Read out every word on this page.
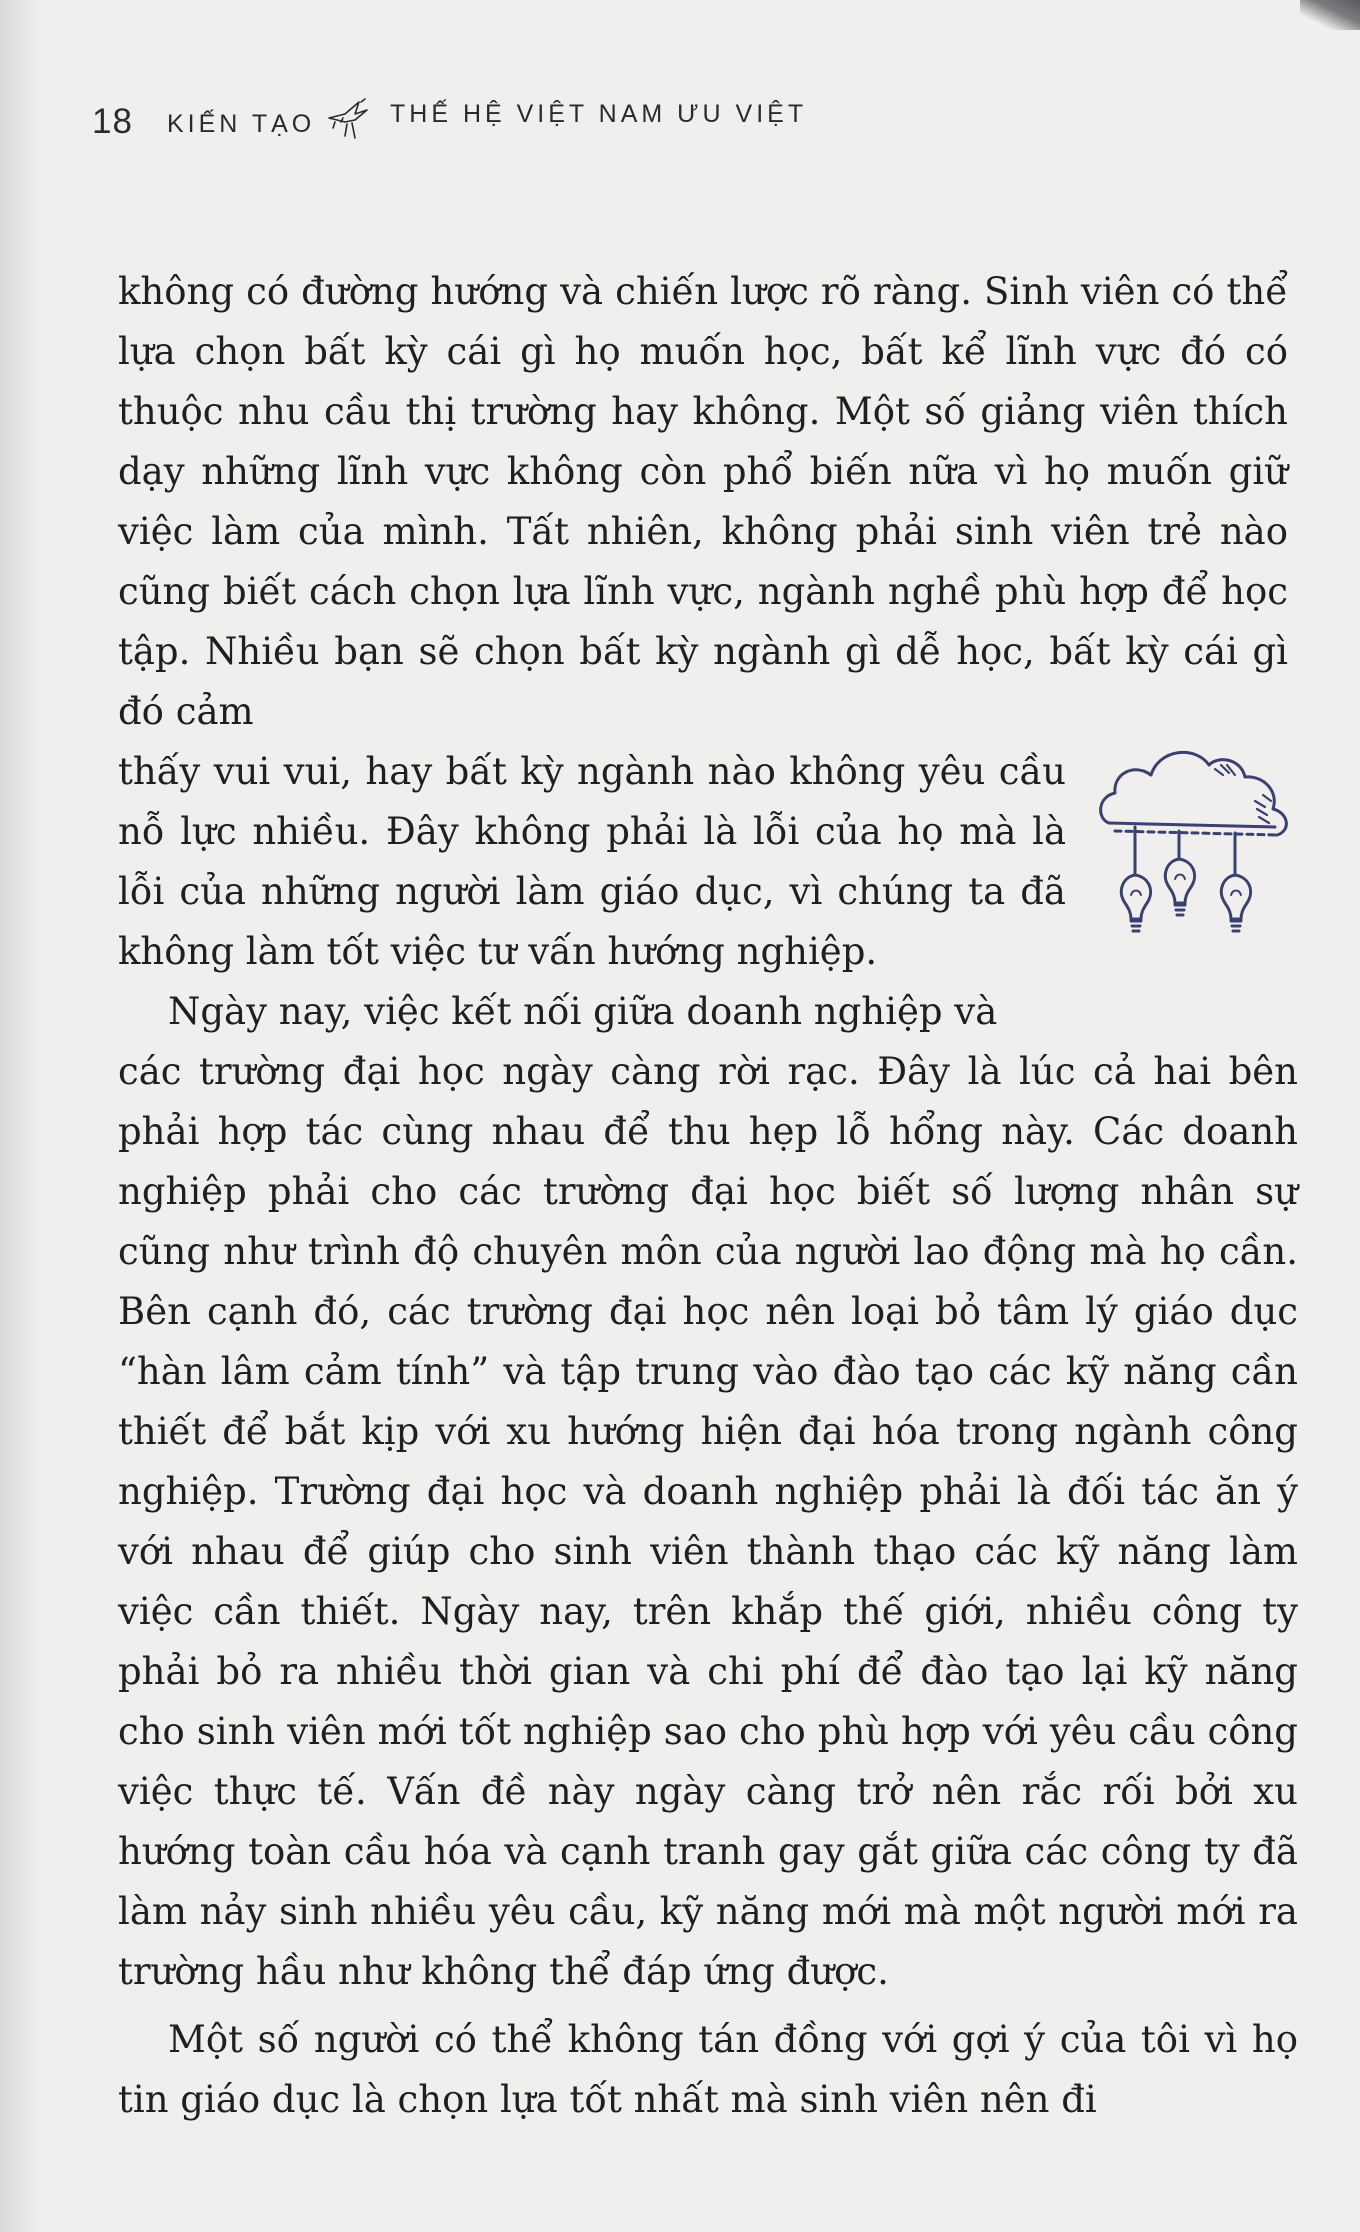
18 KIẾN TẠO	THẾ HỆ VIỆT NAM ƯU VIỆT

không có đường hướng và chiến lược rõ ràng. Sinh viên có thể lựa chọn bất kỳ cái gì họ muốn học, bất kể lĩnh vực đó có thuộc nhu cầu thị trường hay không. Một số giảng viên thích dạy những lĩnh vực không còn phổ biến nữa vì họ muốn giữ việc làm của mình. Tất nhiên, không phải sinh viên trẻ nào cũng biết cách chọn lựa lĩnh vực, ngành nghề phù hợp để học tập. Nhiều bạn sẽ chọn bất kỳ ngành gì dễ học, bất kỳ cái gì đó cảm

thấy vui vui, hay bất kỳ ngành nào không yêu cầu nỗ lực nhiều. Đây không phải là lỗi của họ mà là lỗi của những người làm giáo dục, vì chúng ta đã không làm tốt việc tư vấn hướng nghiệp.

Ngày nay, việc kết nối giữa doanh nghiệp và

các trường đại học ngày càng rời rạc. Đây là lúc cả hai bên phải hợp tác cùng nhau để thu hẹp lỗ hổng này. Các doanh nghiệp phải cho các trường đại học biết số lượng nhân sự cũng như trình độ chuyên môn của người lao động mà họ cần. Bên cạnh đó, các trường đại học nên loại bỏ tâm lý giáo dục “hàn lâm cảm tính” và tập trung vào đào tạo các kỹ năng cần thiết để bắt kịp với xu hướng hiện đại hóa trong ngành công nghiệp. Trường đại học và doanh nghiệp phải là đối tác ăn ý với nhau để giúp cho sinh viên thành thạo các kỹ năng làm việc cần thiết. Ngày nay, trên khắp thế giới, nhiều công ty phải bỏ ra nhiều thời gian và chi phí để đào tạo lại kỹ năng cho sinh viên mới tốt nghiệp sao cho phù hợp với yêu cầu công việc thực tế. Vấn đề này ngày càng trở nên rắc rối bởi xu hướng toàn cầu hóa và cạnh tranh gay gắt giữa các công ty đã làm nảy sinh nhiều yêu cầu, kỹ năng mới mà một người mới ra trường hầu như không thể đáp ứng được.

Một số người có thể không tán đồng với gợi ý của tôi vì họ tin giáo dục là chọn lựa tốt nhất mà sinh viên nên đi
